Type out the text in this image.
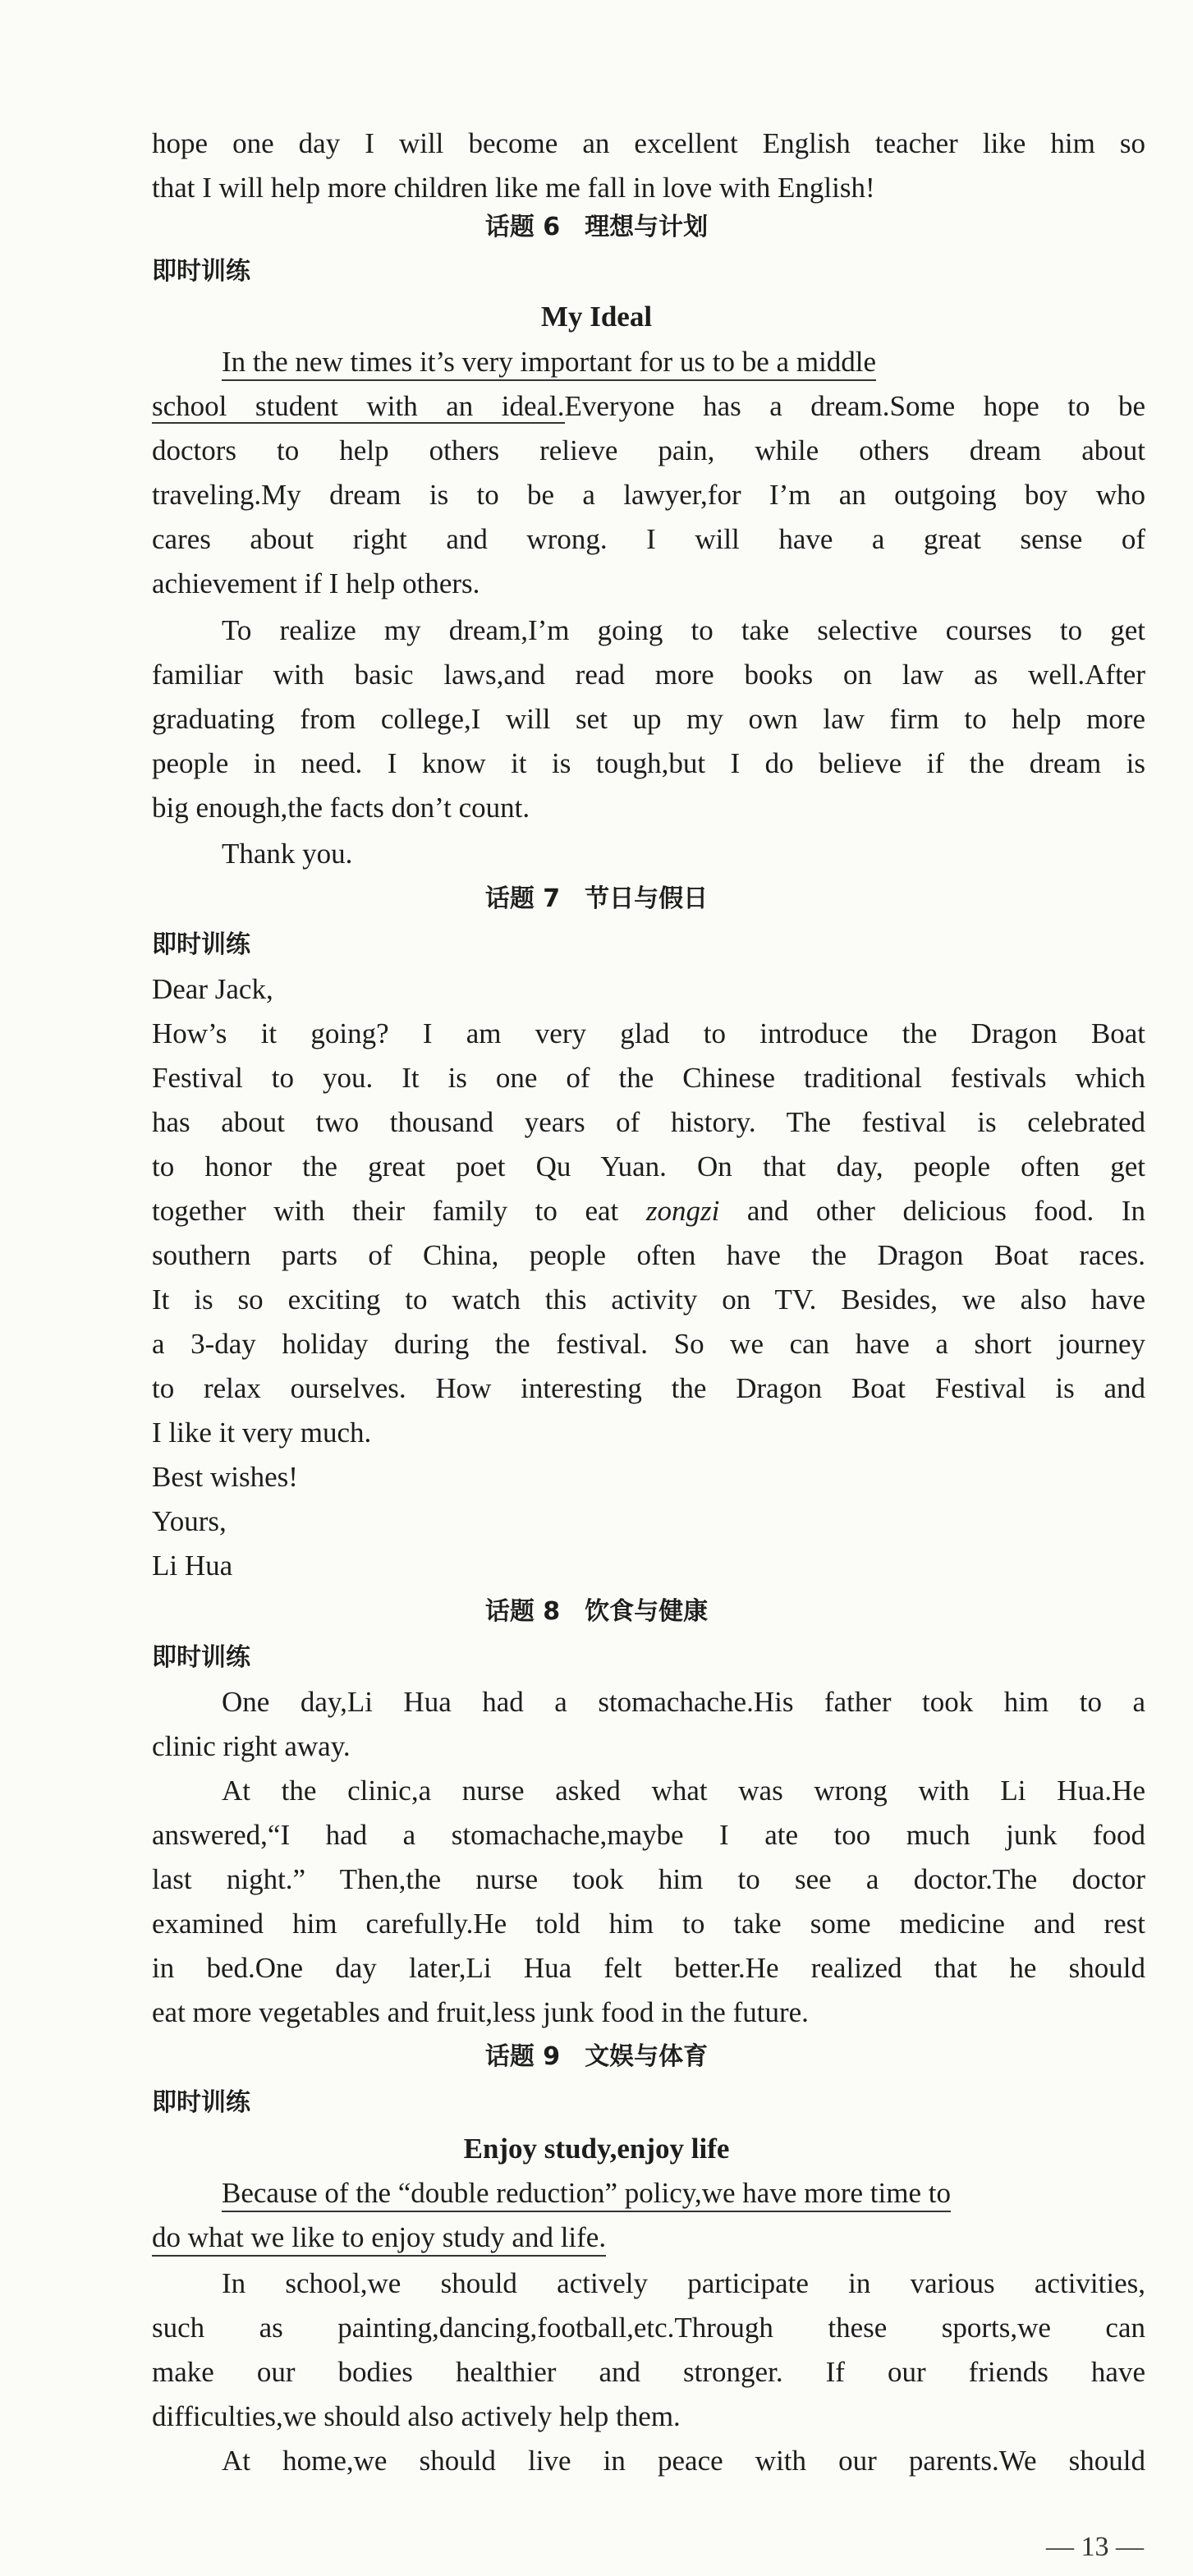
hope one day I will become an excellent English teacher like him so
that I will help more children like me fall in love with English!
话题 6　理想与计划
即时训练
My Ideal
In the new times it’s very important for us to be a middle
school student with an ideal.Everyone has a dream.Some hope to be
doctors to help others relieve pain, while others dream about
traveling.My dream is to be a lawyer,for I’m an outgoing boy who
cares about right and wrong. I will have a great sense of
achievement if I help others.
To realize my dream,I’m going to take selective courses to get
familiar with basic laws,and read more books on law as well.After
graduating from college,I will set up my own law firm to help more
people in need. I know it is tough,but I do believe if the dream is
big enough,the facts don’t count.
Thank you.
话题 7　节日与假日
即时训练
Dear Jack,
How’s it going? I am very glad to introduce the Dragon Boat
Festival to you. It is one of the Chinese traditional festivals which
has about two thousand years of history. The festival is celebrated
to honor the great poet Qu Yuan. On that day, people often get
together with their family to eat zongzi and other delicious food. In
southern parts of China, people often have the Dragon Boat races.
It is so exciting to watch this activity on TV. Besides, we also have
a 3-day holiday during the festival. So we can have a short journey
to relax ourselves. How interesting the Dragon Boat Festival is and
I like it very much.
Best wishes!
Yours,
Li Hua
话题 8　饮食与健康
即时训练
One day,Li Hua had a stomachache.His father took him to a
clinic right away.
At the clinic,a nurse asked what was wrong with Li Hua.He
answered,“I had a stomachache,maybe I ate too much junk food
last night.” Then,the nurse took him to see a doctor.The doctor
examined him carefully.He told him to take some medicine and rest
in bed.One day later,Li Hua felt better.He realized that he should
eat more vegetables and fruit,less junk food in the future.
话题 9　文娱与体育
即时训练
Enjoy study,enjoy life
Because of the “double reduction” policy,we have more time to
do what we like to enjoy study and life.
In school,we should actively participate in various activities,
such as painting,dancing,football,etc.Through these sports,we can
make our bodies healthier and stronger. If our friends have
difficulties,we should also actively help them.
At home,we should live in peace with our parents.We should
— 13 —
